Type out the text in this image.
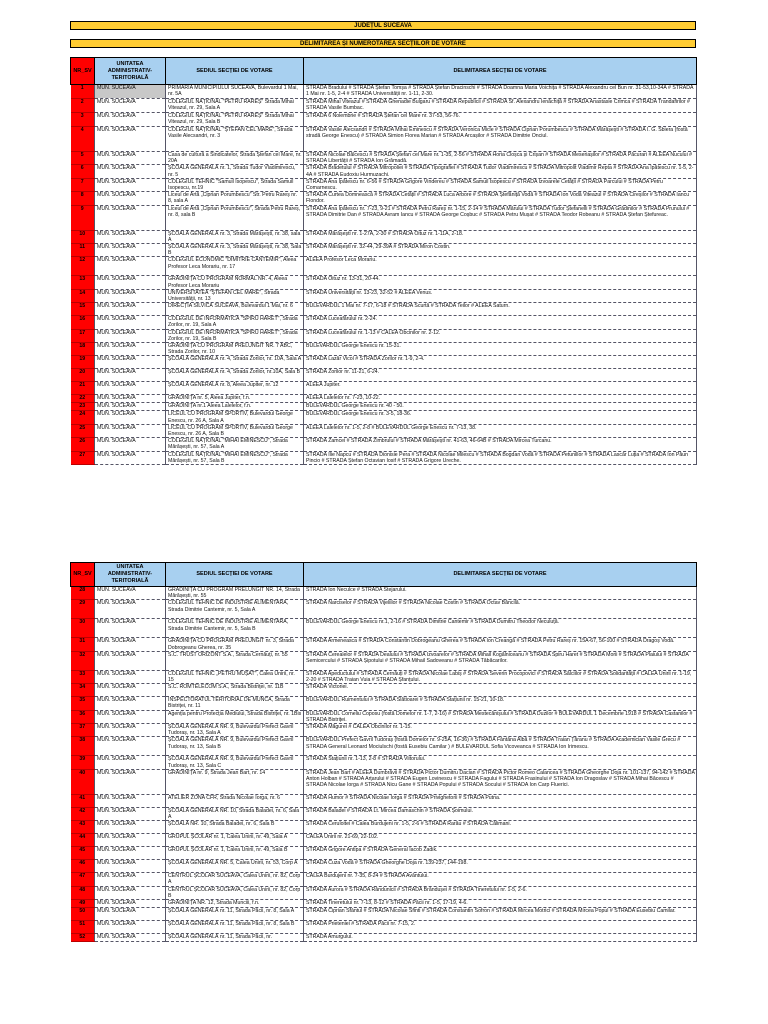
JUDEȚUL SUCEAVA
DELIMITAREA ȘI NUMEROTAREA SECȚIILOR DE VOTARE
NR_SV	UNITATEA ADMINISTRATIV-TERITORIALĂ	SEDIUL SECȚIEI DE VOTARE	DELIMITAREA SECȚIEI DE VOTARE
1	MUN. SUCEAVA	PRIMĂRIA MUNICIPIULUI SUCEAVA, Bulevardul 1 Mai, nr. 5A	STRADA Bradului # STRADA Ștefan Tomșa # STRADA Ștefan Dracinschi # STRADA Doamna Maria Voichița # STRADA Alexandru cel Bun nr. 31-53,10-34A # STRADA 1 Mai nr. 1-5, 2-4 # STRADA Universității nr. 1-11, 2-30.
2	MUN. SUCEAVA	COLEGIUL NAȚIONAL "PETRU RAREȘ" Strada Mihai Viteazul, nr. 29, Sala A	STRADA Mihai Viteazul # STRADA Ghenadie Bulgaru # STRADA Republicii # STRADA Sf. Alexandru Ienăchiță # STRADA Anastasie Crimca # STRADA Trandafirilor # STRADA Vasile Bumbac.
3	MUN. SUCEAVA	COLEGIUL NAȚIONAL "PETRU RAREȘ" Strada Mihai Viteazul, nr. 29, Sala B	STRADA 6 Noiembrie # STRADA Ștefan cel Mare nr. 37-53, 56-76.
4	MUN. SUCEAVA	COLEGIUL NAȚIONAL "ȘTEFAN CEL MARE", Strada Vasile Alecsandri, nr. 3	STRADA Vasile Alecsandri # STRADA Mihai Eminescu # STRADA Veronica Micle # STRADA Ciprian Porumbescu # STRADA Mărășești # STRADA I. G. Sbiera (fostă stradă George Enescu) # STRADA Simion Florea Marian # STRADA Arcașilor # STRADA Dimitrie Onciul.
5	MUN. SUCEAVA	Casa de cultură a Sindicatelor, Strada Ștefan cel Mare, nr. 20A	STRADA Nicolae Bălcescu # STRADA Ștefan cel Mare nr. 1-35, 2-56 # STRADA Horia Cloșca și Crișan # STRADA Meseriașilor # STRADA Păcurari # ALEEA Nucului # STRADA Libertății # STRADA Ion Grămadă.
6	MUN. SUCEAVA	ȘCOALA GENERALĂ nr. 1, Strada Tudor Vladimirescu, nr. 5	STRADA Brădetului # STRADA Mitropoliei # STRADA Tipografiei # STRADA Tudor Vladimirescu # STRADA Mitropolit Vladimir Repta # STRADA Ana Ipătescu nr. 1-5, 2-4A # STRADA Eudoxiu Hurmuzachi.
7	MUN. SUCEAVA	COLEGIUL TEHNIC "Samuil Isopescu", Strada Samuil Isopescu, nr.19	STRADA Ana Ipătescu nr. 6-56 # STRADA Grigore Vindereu # STRADA Samuil Isopescu # STRADA Izvoarele Cetății # STRADA Parcului # STRADA Petru Comarnescu.
8	MUN. SUCEAVA	Liceul de Artă „Ciprian Porumbescu" Str. Petru Rareș nr. 8, sala A	STRADA Curtea Domnească # STRADA Cetății # STRADA Luca Arbore # STRADA Ștefăniță Vodă # STRADA Ion Vodă Viteazul # STRADA Cireșilor # STRADA Iancu Flondor.
9	MUN. SUCEAVA	Liceul de Artă „Ciprian Porumbescu", Strada Petru Rareș, nr. 8, sala B	STRADA Ana Ipătescu nr. 7-23, 9-21 # STRADA Petru Rareș nr. 1-15, 2-14 # STRADA Mărului # STRADA Tudor Ștefanelli # STRADA Grădinilor # STRADA Prunului # STRADA Dimitrie Dan # STRADA Avram Iancu # STRADA George Coșbuc # STRADA Petru Mușat # STRADA Teodor Robeanu # STRADA Ștefan Ștefureac.
10	MUN. SUCEAVA	ȘCOALA GENERALĂ nr. 3, Strada Mărășești, nr. 38, sala A	STRADA Mărășești nr. 1-27A, 2-30 # STRADA Oituz nr. 1-11A, 2-18.
11	MUN. SUCEAVA	ȘCOALA GENERALĂ nr. 3, Strada Mărășești, nr. 38, Sala B	STRADA Mărășești nr. 32-44, 29-39A # STRADA Miron Costin.
12	MUN. SUCEAVA	COLEGIUL ECONOMIC "DIMITRIE CANTEMIR", Aleea Profesor Leca Morariu, nr. 17	ALEEA Profesor Leca Morariu.
13	MUN. SUCEAVA	GRĂDINIȚA CU PROGRAM NORMAL NR. 4, Aleea Profesor Leca Morariu	STRADA Oituz nr. 13-31, 20-44.
14	MUN. SUCEAVA	UNIVERSITATEA "ȘTEFAN CEL MARE", Strada Universității, nr. 13	STRADA Universității nr. 13-23, 32-52 # ALEEA Venus.
15	MUN. SUCEAVA	DIRECȚIA SILVICĂ SUCEAVA, Bulevardul 1 Mai, nr. 6	BULEVARDUL 1 Mai nr. 7-17, 6-18 # STRADA Scurtă # STRADA Teilor # ALEEA Saturn.
16	MUN. SUCEAVA	COLEGIUL DE INFORMATICĂ "SPIRU HARET", Strada Zorilor, nr. 19, Sala A	STRADA Luceafărului nr. 2-24.
17	MUN. SUCEAVA	COLEGIUL DE INFORMATICĂ "SPIRU HARET", Strada Zorilor, nr. 19, Sala B	STRADA Luceafărului nr. 1-13 # CALEA Obcinilor nr. 2-12.
18	MUN. SUCEAVA	GRĂDINIȚA CU PROGRAM PRELUNGIT NR. 7 ABC, Strada Zorilor, nr. 10	BULEVARDUL George Enescu nr. 15-31.
19	MUN. SUCEAVA	ȘCOALA GENERALĂ nr. 4, Strada Zorilor, nr. 10A, Sala A	STRADA Lazăr Vicol # STRADA Zorilor nr. 1-9, 2-4.
20	MUN. SUCEAVA	ȘCOALA GENERALĂ nr. 4, Strada Zorilor, nr.10A, Sala B	STRADA Zorilor nr. 11-21, 6-24.
21	MUN. SUCEAVA	ȘCOALA GENERALĂ nr. 8, Aleea Jupiter, nr. 12	ALEEA Jupiter.
22	MUN. SUCEAVA	GRĂDINIȚA nr. 5, Aleea Jupiter, f.n.	ALEEA Lalelelor nr. 7-23, 10-22.
23	MUN. SUCEAVA	GRĂDINIȚA nr.1 Aleea Lalelelor, f.n.	BULEVARDUL George Enescu nr. 40 - 50.
24	MUN. SUCEAVA	LICEUL CU PROGRAM SPORTIV, Bulevardul George Enescu, nr. 26 A, Sala A	BULEVARDUL George Enescu nr. 3-5, 18-36.
25	MUN. SUCEAVA	LICEUL CU PROGRAM SPORTIV, Bulevardul George Enescu, nr. 26 A, Sala B	ALEEA Lalelelor nr. 1-5, 2-8 # BULEVARDUL George Enescu nr. 7-13, 38.
26	MUN. SUCEAVA	COLEGIUL NAȚIONAL "MIHAI EMINESCU", Strada Mărășești, nr. 57, Sala A	STRADA Zamcei # STRADA Zimbrului # STRADA Mărășești nr. 41-63, 46-64B # STRADA Mircea Turcanu.
27	MUN. SUCEAVA	COLEGIUL NAȚIONAL "MIHAI EMINESCU", Strada Mărășești, nr. 57, Sala B	STRADA Ilie Napcu # STRADA Dionisie Pera # STRADA Nicolae Milescu # STRADA Bogdan Vodă # STRADA Petunillor # STRADA Lascăr Luția # STRADA Ion Păun Pincio # STRADA Ștefan Octavian Iosif # STRADA Grigore Ureche.
NR_SV	UNITATEA ADMINISTRATIV-TERITORIALĂ	SEDIUL SECȚIEI DE VOTARE	DELIMITAREA SECȚIEI DE VOTARE
28	MUN. SUCEAVA	GRĂDINIȚA CU PROGRAM PRELUNGIT NR. 14, Strada Mărășești, nr. 55	STRADA Ion Neculce # STRADA Stejarului.
29	MUN. SUCEAVA	COLEGIUL TEHNIC DE INDUSTRIE ALIMENTARĂ, Strada Dimitrie Cantemir, nr. 5, Sala A	STRADA Narciselor # STRADA Vijeliilor # STRADA Nicolae Costin # STRADA Octav Băncilă.
30	MUN. SUCEAVA	COLEGIUL TEHNIC DE INDUSTRIE ALIMENTARĂ, Strada Dimitrie Cantemir, nr. 5, Sala B	BULEVARDUL George Enescu nr.1, 2-16 # STRADA Dimitrie Cantemir # STRADA Dumitru Theodor Neculuță.
31	MUN. SUCEAVA	GRĂDINIȚA CU PROGRAM PRELUNGIT nr. 3, Strada Dobrogeanu Gherea, nr. 35	STRADA Armeneasca # STRADA Constantin Dobrogeanu Gherea # STRADA Ion Creangă # STRADA Petru Rareș nr. 15A-67, 56-100 # STRADA Dragoș Vodă.
32	MUN. SUCEAVA	S.C. TRUST ORIZONT S.A., Strada Cernăuți, nr. 55	STRADA Cerealelor # STRADA Dealului # STRADA Izvoarelor # STRADA Mihail Kogălniceanu # STRADA Spiru Haret # STRADA Morii # STRADA Plaiului # STRADA Semicercului # STRADA Șipotului # STRADA Mihail Sadoveanu # STRADA Tăbăcarilor.
33	MUN. SUCEAVA	COLEGIUL TEHNIC „PETRU MUȘAT", Calea Unirii, nr. 15	STRADA Apeductului # STRADA Cernăuți # STRADA Nicolae Labiș # STRADA Severin Procopovici # STRADA Sălciilor # STRADA Solidarității # CALEA Unirii nr. 1-19, 2-20 # STRADA Traian Vuia # STRADA Șfanțului.
34	MUN. SUCEAVA	S.C. ROMTELECOM S.A., Strada Bistriței, nr. 11B	STRADA Victoriei.
35	MUN. SUCEAVA	INSPECTORATUL TERITORIAL DE MUNCĂ, Strada Bistriței, nr. 11	BULEVARDUL Ruimentului # STRADA Slătioarei # STRADA Stațiunii nr. 15-21, 10-18.
36	MUN. SUCEAVA	Agenția pentru Protecția Mediului, Strada Bistriței, nr. 1Bis	BULEVARDUL Corneliu Coposu (fostă Domelor nr. 1-7, 2-16) # STRADA Mestecănișului # STRADA Duzilor # BULEVARDUL 1 Decembrie 1918 # STRADA Castanilor # STRADA Bistriței.
37	MUN. SUCEAVA	ȘCOALA GENERALĂ NR. 9, Bulevardul Prefect Gavril Tudoraș, nr. 13, Sala A	STRADA Măgurei # CALEA Obcinilor nr. 1-15.
38	MUN. SUCEAVA	ȘCOALA GENERALĂ NR. 9, Bulevardul Prefect Gavril Tudoraș, nr. 13, Sala B	BULEVARDUL Prefect Gavril Tudoraș (fostă Domelor nr. 9-25A, 16-36) # STRADA Fântâna Albă # STRADA Traian Țăranu # STRADA Academician Vasile Grecu # STRADA General Leonard Mociulschi (fostă Eusebiu Camilar ) # BULEVARDUL Sofia Vicoveanca # STRADA Ion Irimescu.
39	MUN. SUCEAVA	ȘCOALA GENERALĂ NR. 9, Bulevardul Prefect Gavril Tudoraș, nr. 13, Sala C	STRADA Stațiunii nr. 1-13, 2-8 # STRADA Viitorului.
40	MUN. SUCEAVA	GRĂDINIȚA nr. 9, Strada Jean Bart, nr. 14	STRADA Jean Bart # ALEEA Dumbrăvii # STRADA Pictor Dumitru Dacian # STRADA Pictor Romeo Calancea # STRADA Gheorghe Doja nr. 101-137, 94-142 # STRADA Anton Holban # STRADA Arțarului # STRADA Eugen Lovinescu # STRADA Fagului # STRADA Frasinului # STRADA Ion Dragoslav # STRADA Mihai Băcescu # STRADA Nicolae Iorga # STRADA Nicu Gane # STRADA Popului # STRADA Socului # STRADA Ion Carp Fluerici.
41	MUN. SUCEAVA	ATELIER ZONA CFR, Strada Nicolae Iorga, nr. 6	STRADA Humor # STRADA Nicolae Iorga # STRADA Privighetorii # STRADA Putna.
42	MUN. SUCEAVA	ȘCOALA GENERALĂ NR. 10, Strada Baladei, nr. 6, Sala A	STRADA Baladei # STRADA Lt. Mircea Damaschin # STRADA Șoimului.
43	MUN. SUCEAVA	ȘCOALA NR. 10, Strada Baladei, nr. 6, Sala B	STRADA Ceruloitei # Calea Burdujeni nr. 1-5, 2-6 # STRADA Rarău # STRADA Călimani.
44	MUN. SUCEAVA	GRUPUL ȘCOLAR nr. 1, Calea Unirii, nr. 49, Sala A	CALEA Unirii nr. 21-69, 22-102.
45	MUN. SUCEAVA	GRUPUL ȘCOLAR nr. 1, Calea Unirii, nr. 49, Sala B	STRADA Grigore Antipa # STRADA General Iacob Zadik.
46	MUN. SUCEAVA	ȘCOALA GENERALĂ NR. 5, Calea Unirii, nr. 53, Corp A	STRADA Cuza Vodă # STRADA Gheorghe Doja nr. 139-237, 144-198.
47	MUN. SUCEAVA	CENTRUL ȘCOLAR SUCEAVA, Calea Unirii, nr. 82, Corp A	CALEA Burdujeni nr. 7-35, 8-24 # STRADA Avântului.
48	MUN. SUCEAVA	CENTRUL ȘCOLAR SUCEAVA, Calea Unirii, nr. 82, Corp B	STRADA Aurora # STRADA Rândunicii # STRADA Brândușei # STRADA Tineretului nr. 1-5, 2-6.
49	MUN. SUCEAVA	GRĂDINIȚA NR. 12, Strada Munciii, f.n.	STRADA Tineretului nr. 7-13, 8-12 # STRADA Păcii nr. 1-5, 17-19, 4-6.
50	MUN. SUCEAVA	ȘCOALA GENERALĂ nr. 11, Strada Păcii, nr. 8, Sala A	STRADA Ciprian Sfântul # STRADA Nicolae Sfinti # STRADA Constantin Sofron # STRADA Mircea Motrici # STRADA Mircea Popul # STRADA Eusebiu Camilar.
51	MUN. SUCEAVA	ȘCOALA GENERALĂ nr. 11, Strada Păcii, nr. 8, Sala B	STRADA Prieteniei # STRADA Păcii nr. 7-15, 2.
52	MUN. SUCEAVA	ȘCOALA GENERALĂ nr. 11, Strada Păcii, nr.	STRADA Amurgului.
